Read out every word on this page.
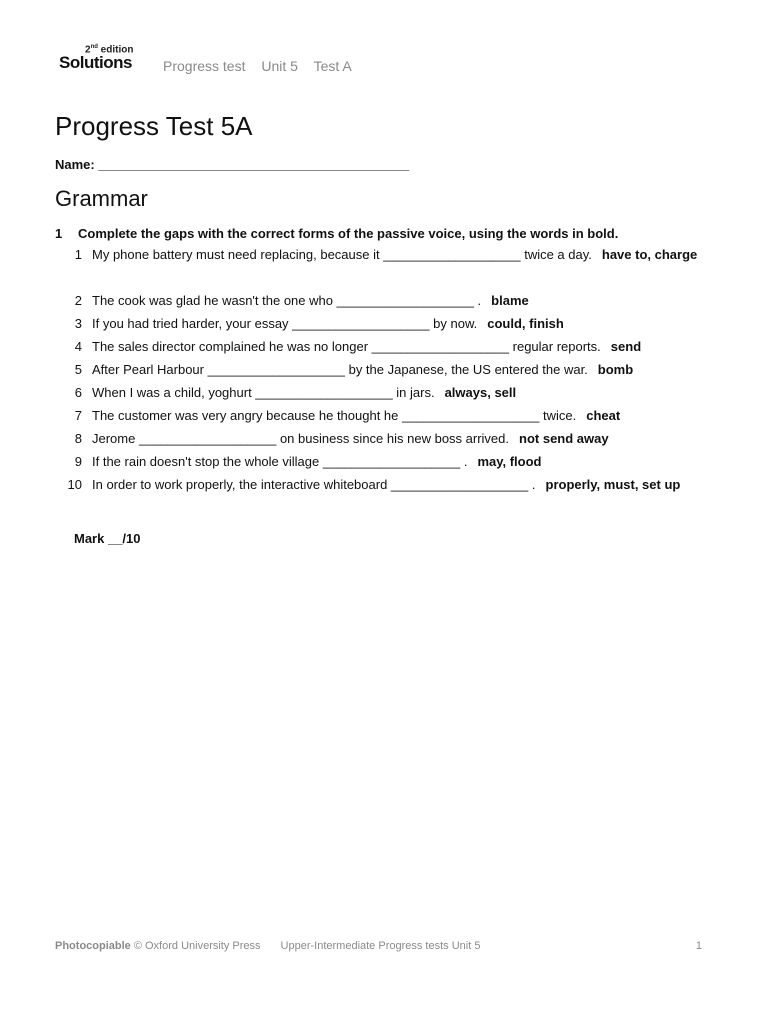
2nd edition
Solutions Progress test Unit 5 Test A
Progress Test 5A
Name: ___________________________________________
Grammar
1 Complete the gaps with the correct forms of the passive voice, using the words in bold.
1 My phone battery must need replacing, because it ___________________ twice a day. have to, charge
2 The cook was glad he wasn't the one who ___________________ . blame
3 If you had tried harder, your essay ___________________ by now. could, finish
4 The sales director complained he was no longer ___________________ regular reports. send
5 After Pearl Harbour ___________________ by the Japanese, the US entered the war. bomb
6 When I was a child, yoghurt ___________________ in jars. always, sell
7 The customer was very angry because he thought he ___________________ twice. cheat
8 Jerome ___________________ on business since his new boss arrived. not send away
9 If the rain doesn't stop the whole village ___________________ . may, flood
10 In order to work properly, the interactive whiteboard ___________________ . properly, must, set up
Mark __/10
Photocopiable © Oxford University Press Upper-Intermediate Progress tests Unit 5	1
